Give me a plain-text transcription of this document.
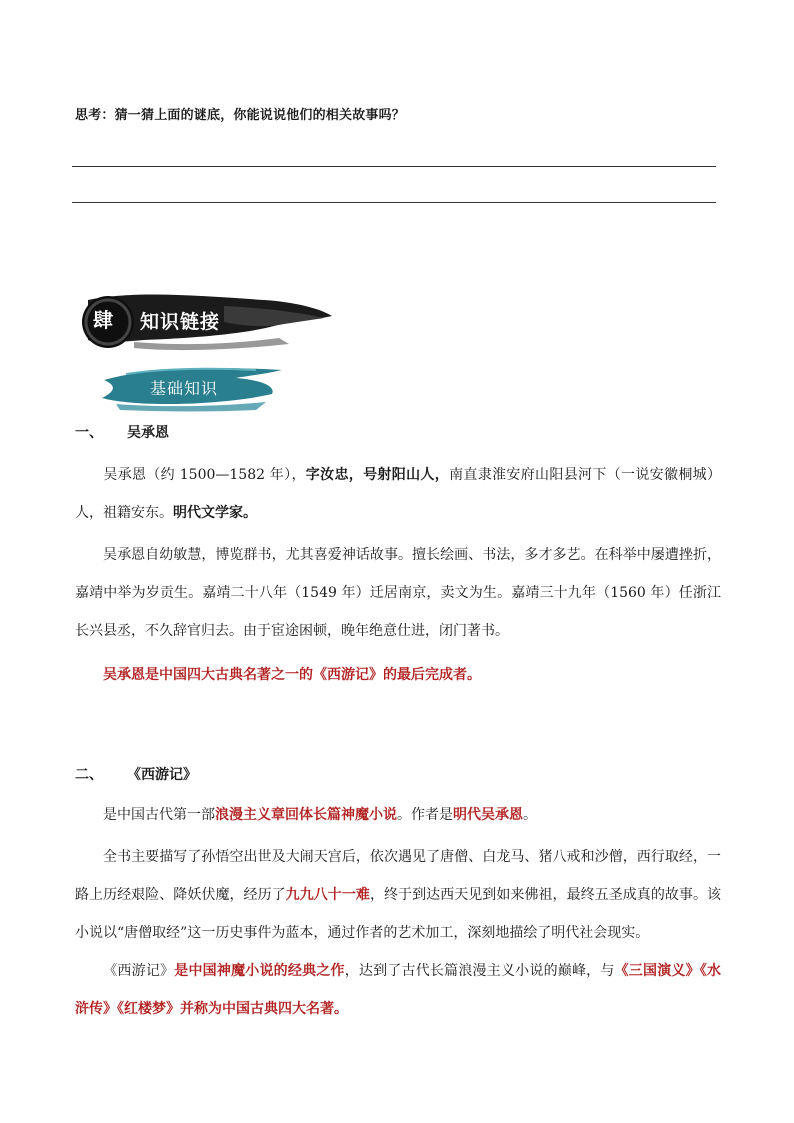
思考：猜一猜上面的谜底，你能说说他们的相关故事吗？
肆 知识链接
基础知识
一、 吴承恩

吴承恩（约 1500—1582 年），字汝忠，号射阳山人，南直隶淮安府山阳县河下（一说安徽桐城）人，祖籍安东。明代文学家。

吴承恩自幼敏慧，博览群书，尤其喜爱神话故事。擅长绘画、书法，多才多艺。在科举中屡遭挫折，嘉靖中举为岁贡生。嘉靖二十八年（1549 年）迁居南京，卖文为生。嘉靖三十九年（1560 年）任浙江长兴县丞，不久辞官归去。由于宦途困顿，晚年绝意仕进，闭门著书。

吴承恩是中国四大古典名著之一的《西游记》的最后完成者。

二、 《西游记》

是中国古代第一部浪漫主义章回体长篇神魔小说。作者是明代吴承恩。

全书主要描写了孙悟空出世及大闹天宫后，依次遇见了唐僧、白龙马、猪八戒和沙僧，西行取经，一路上历经艰险、降妖伏魔，经历了九九八十一难，终于到达西天见到如来佛祖，最终五圣成真的故事。该小说以“唐僧取经”这一历史事件为蓝本，通过作者的艺术加工，深刻地描绘了明代社会现实。

《西游记》是中国神魔小说的经典之作，达到了古代长篇浪漫主义小说的巅峰，与《三国演义》《水浒传》《红楼梦》并称为中国古典四大名著。
